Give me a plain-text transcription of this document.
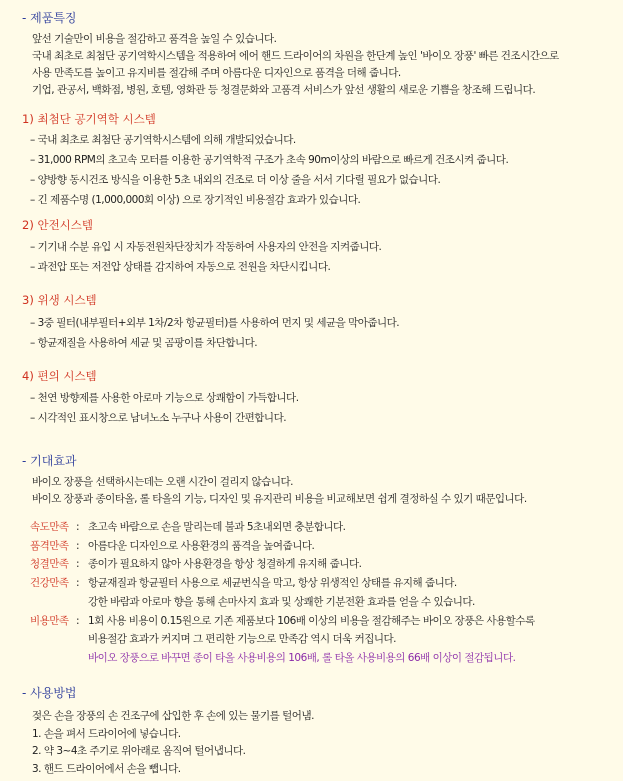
- 제품특징
앞선 기술만이 비용을 절감하고 품격을 높일 수 있습니다.
국내 최초로 최첨단 공기역학시스템을 적용하여 에어 핸드 드라이어의 차원을 한단계 높인 '바이오 장풍' 빠른 건조시간으로
사용 만족도를 높이고 유지비를 절감해 주며 아름다운 디자인으로 품격을 더해 줍니다.
기업, 관공서, 백화점, 병원, 호텔, 영화관 등 청결문화와 고품격 서비스가 앞선 생활의 새로운 기쁨을 창조해 드립니다.
1) 최첨단 공기역학 시스템
– 국내 최초로 최첨단 공기역학시스템에 의해 개발되었습니다.
– 31,000 RPM의 초고속 모터를 이용한 공기역학적 구조가 초속 90m이상의 바람으로 빠르게 건조시켜 줍니다.
– 양방향 동시건조 방식을 이용한 5초 내외의 건조로 더 이상 줄을 서서 기다릴 필요가 없습니다.
– 긴 제품수명 (1,000,000회 이상) 으로 장기적인 비용절감 효과가 있습니다.
2) 안전시스템
– 기기내 수분 유입 시 자동전원차단장치가 작동하여 사용자의 안전을 지켜줍니다.
– 과전압 또는 저전압 상태를 감지하여 자동으로 전원을 차단시킵니다.
3) 위생 시스템
– 3중 필터(내부필터+외부 1차/2차 항균필터)를 사용하여 먼지 및 세균을 막아줍니다.
– 항균재질을 사용하여 세균 및 곰팡이를 차단합니다.
4) 편의 시스템
– 천연 방향제를 사용한 아로마 기능으로 상쾌함이 가득합니다.
– 시각적인 표시창으로 남녀노소 누구나 사용이 간편합니다.
- 기대효과
바이오 장풍을 선택하시는데는 오랜 시간이 걸리지 않습니다.
바이오 장풍과 종이타올, 롤 타올의 기능, 디자인 및 유지관리 비용을 비교해보면 쉽게 결정하실 수 있기 때문입니다.
속도만족 : 초고속 바람으로 손을 말리는데 불과 5초내외면 충분합니다.
품격만족 : 아름다운 디자인으로 사용환경의 품격을 높여줍니다.
청결만족 : 종이가 필요하지 않아 사용환경을 항상 청결하게 유지해 줍니다.
건강만족 : 항균재질과 항균필터 사용으로 세균번식을 막고, 항상 위생적인 상태를 유지해 줍니다.
강한 바람과 아로마 향을 통해 손마사지 효과 및 상쾌한 기분전환 효과를 얻을 수 있습니다.
비용만족 : 1회 사용 비용이 0.15원으로 기존 제품보다 106배 이상의 비용을 절감해주는 바이오 장풍은 사용할수록
비용절감 효과가 커지며 그 편리한 기능으로 만족감 역시 더욱 커집니다.
바이오 장풍으로 바꾸면 종이 타올 사용비용의 106배, 롤 타올 사용비용의 66배 이상이 절감됩니다.
- 사용방법
젖은 손을 장풍의 손 건조구에 삽입한 후 손에 있는 물기를 털어냄.
1. 손을 펴서 드라이어에 넣습니다.
2. 약 3~4초 주기로 위아래로 움직여 털어냅니다.
3. 핸드 드라이어에서 손을 뺍니다.
